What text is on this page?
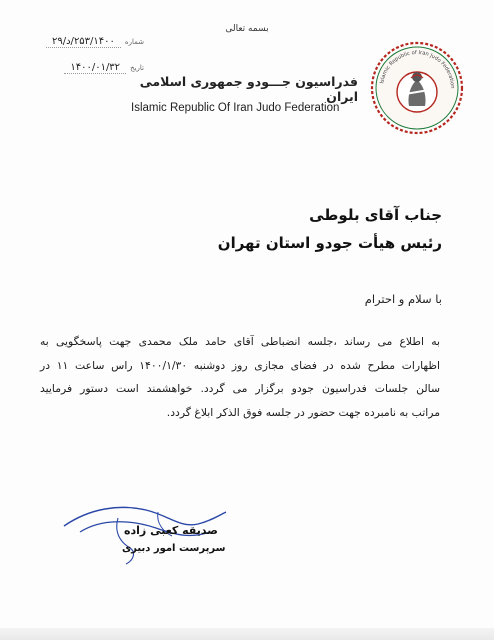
بسمه تعالی
شماره
۲۵۳/۱۴۰۰/د/۲۹
تاریخ
۱۴۰۰/۰۱/۳۲
فدراسیون جـــودو جمهوری اسلامی ایران
Islamic Republic Of Iran Judo Federation
Islamic Republic of Iran Judo Federation
جناب آقای بلوطی
رئیس هیأت جودو استان تهران
با سلام و احترام
به اطلاع می رساند ،جلسه انضباطی آقای حامد ملک محمدی جهت پاسخگویی به
اظهارات مطرح شده در فضای مجازی روز دوشنبه ۱۴۰۰/۱/۳۰ راس ساعت ۱۱ در
سالن جلسات فدراسیون جودو برگزار می گردد. خواهشمند است دستور فرمایید
مراتب به نامبرده جهت حضور در جلسه فوق الذکر ابلاغ گردد.
صدیقه کعبی زاده
سرپرست امور دبیری
